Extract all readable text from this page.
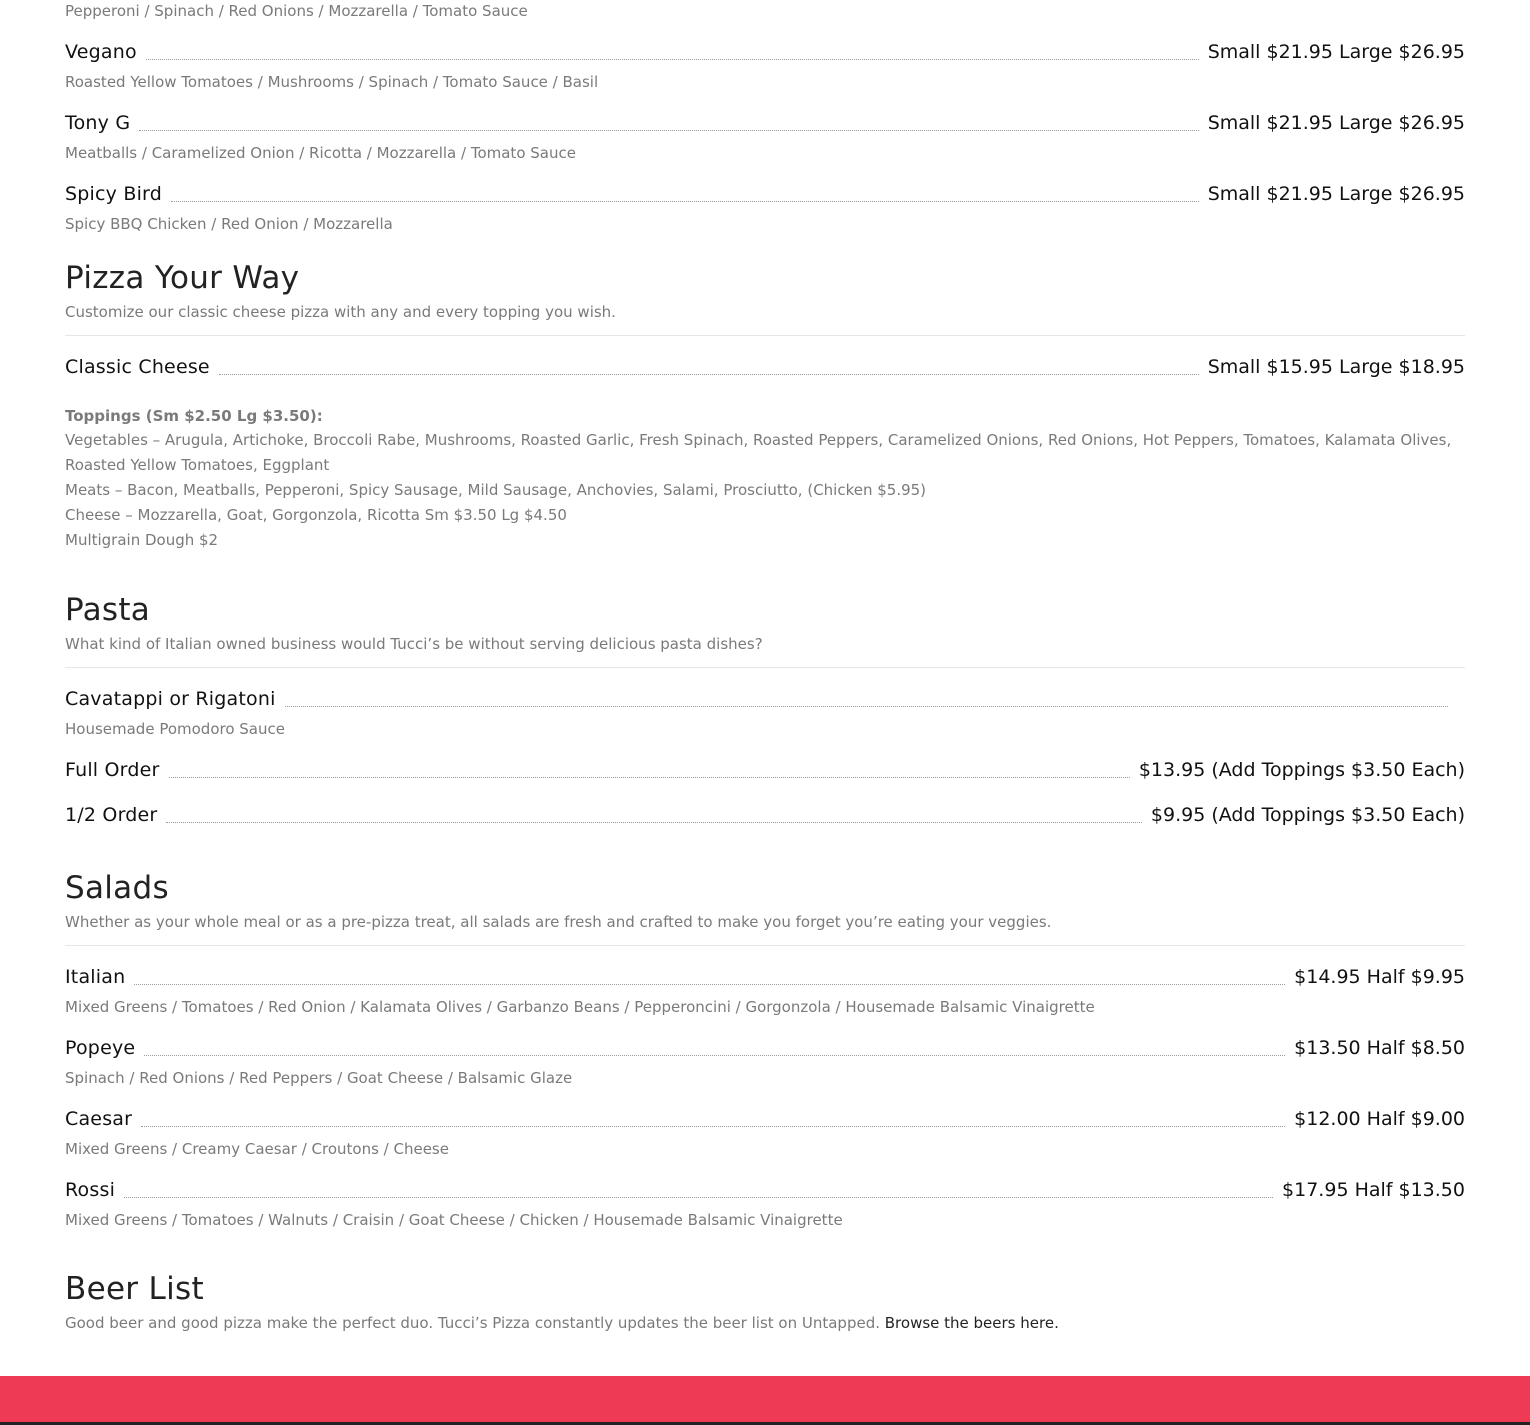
Pepperoni / Spinach / Red Onions / Mozzarella / Tomato Sauce
Vegano	Small $21.95 Large $26.95
Roasted Yellow Tomatoes / Mushrooms / Spinach / Tomato Sauce / Basil
Tony G	Small $21.95 Large $26.95
Meatballs / Caramelized Onion / Ricotta / Mozzarella / Tomato Sauce
Spicy Bird	Small $21.95 Large $26.95
Spicy BBQ Chicken / Red Onion / Mozzarella
Pizza Your Way
Customize our classic cheese pizza with any and every topping you wish.
Classic Cheese	Small $15.95 Large $18.95
Toppings (Sm $2.50 Lg $3.50):
Vegetables – Arugula, Artichoke, Broccoli Rabe, Mushrooms, Roasted Garlic, Fresh Spinach, Roasted Peppers, Caramelized Onions, Red Onions, Hot Peppers, Tomatoes, Kalamata Olives, Roasted Yellow Tomatoes, Eggplant
Meats – Bacon, Meatballs, Pepperoni, Spicy Sausage, Mild Sausage, Anchovies, Salami, Prosciutto, (Chicken $5.95)
Cheese – Mozzarella, Goat, Gorgonzola, Ricotta Sm $3.50 Lg $4.50
Multigrain Dough $2
Pasta
What kind of Italian owned business would Tucci’s be without serving delicious pasta dishes?
Cavatappi or Rigatoni
Housemade Pomodoro Sauce
Full Order	$13.95 (Add Toppings $3.50 Each)
1/2 Order	$9.95 (Add Toppings $3.50 Each)
Salads
Whether as your whole meal or as a pre-pizza treat, all salads are fresh and crafted to make you forget you’re eating your veggies.
Italian	$14.95 Half $9.95
Mixed Greens / Tomatoes / Red Onion / Kalamata Olives / Garbanzo Beans / Pepperoncini / Gorgonzola / Housemade Balsamic Vinaigrette
Popeye	$13.50 Half $8.50
Spinach / Red Onions / Red Peppers / Goat Cheese / Balsamic Glaze
Caesar	$12.00 Half $9.00
Mixed Greens / Creamy Caesar / Croutons / Cheese
Rossi	$17.95 Half $13.50
Mixed Greens / Tomatoes / Walnuts / Craisin / Goat Cheese / Chicken / Housemade Balsamic Vinaigrette
Beer List
Good beer and good pizza make the perfect duo. Tucci’s Pizza constantly updates the beer list on Untapped. Browse the beers here.
